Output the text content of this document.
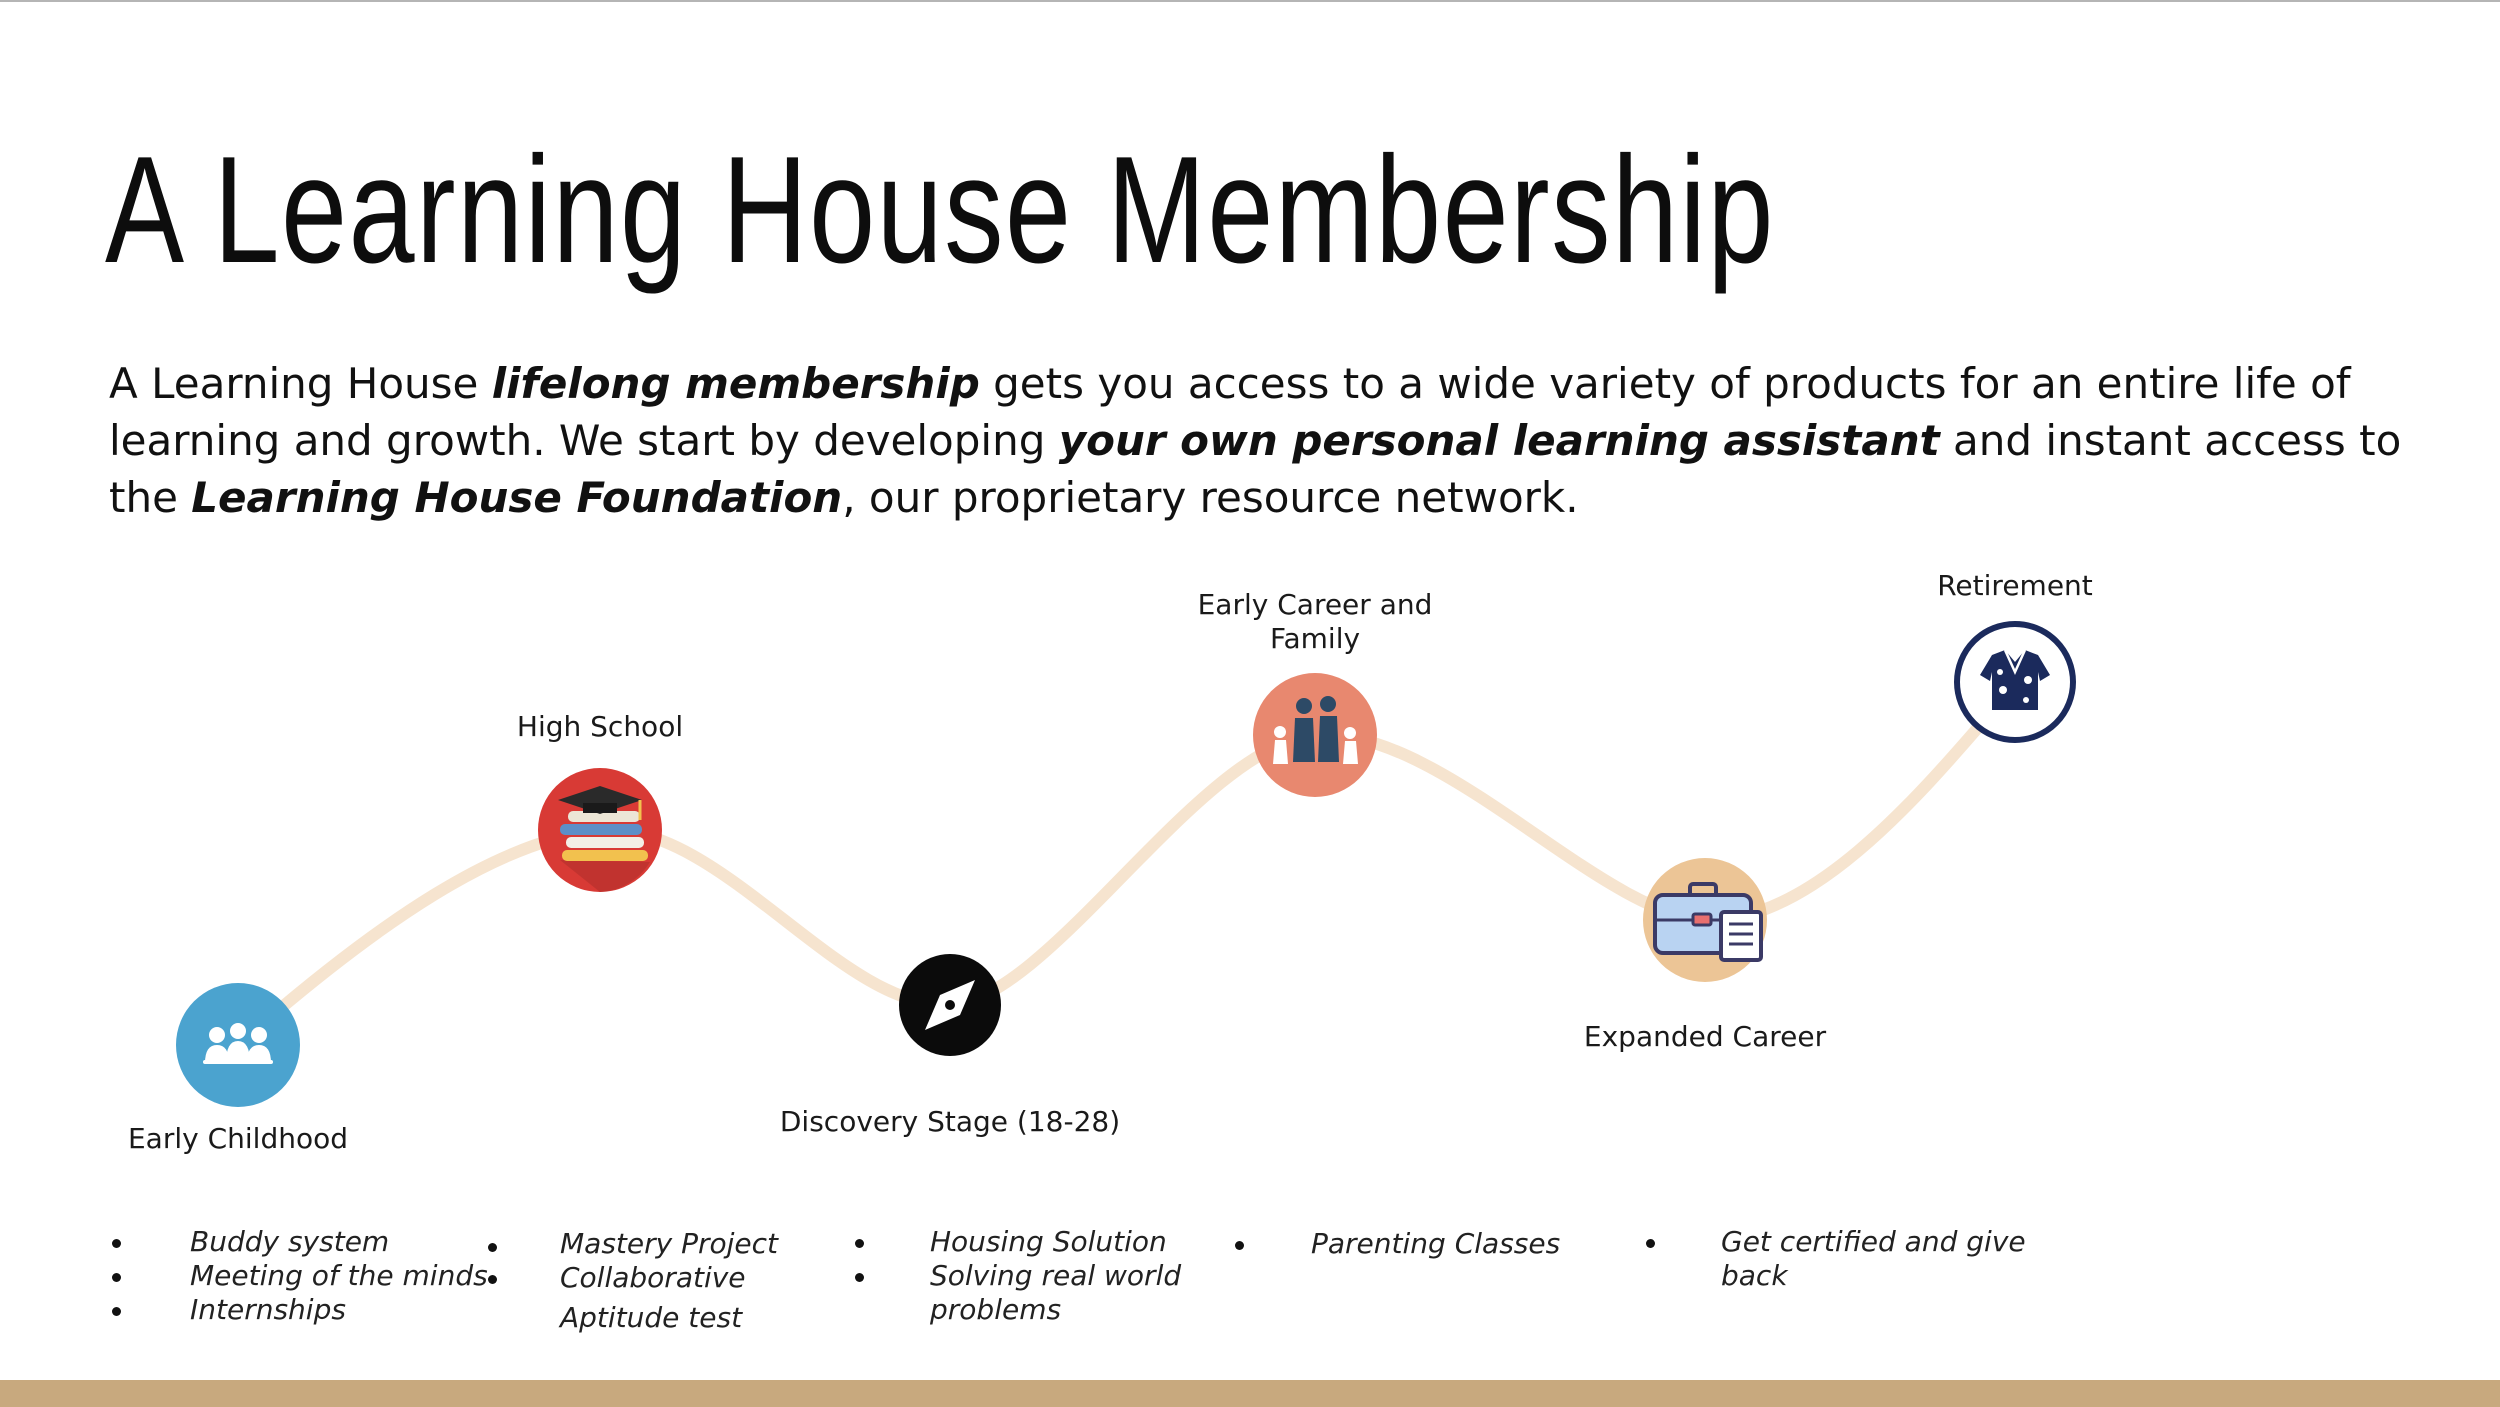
A Learning House Membership

A Learning House lifelong membership gets you access to a wide variety of products for an entire life of learning and growth. We start by developing your own personal learning assistant and instant access to the Learning House Foundation, our proprietary resource network.

Early Childhood
High School
Discovery Stage (18-28)
Early Career and
Family
Expanded Career
Retirement
Buddy system
Meeting of the minds
Internships
Mastery Project
Collaborative
Aptitude test
Housing Solution
Solving real world
problems
Parenting Classes	Get certified and give
back
